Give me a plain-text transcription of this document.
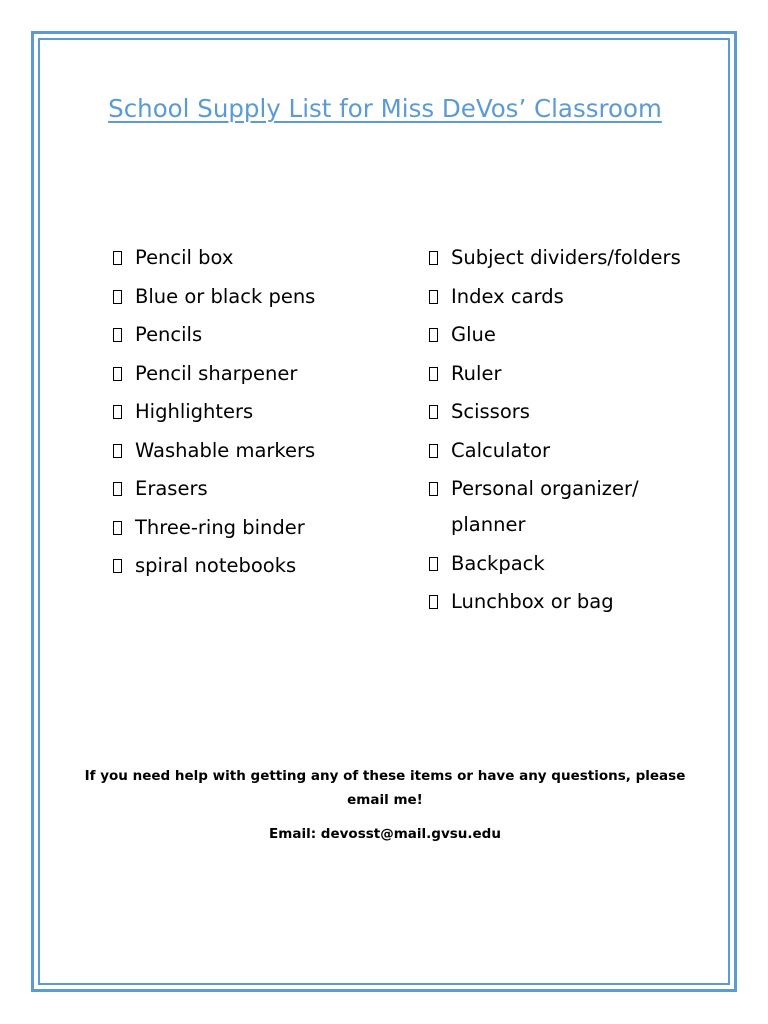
School Supply List for Miss DeVos’ Classroom
Pencil box
Blue or black pens
Pencils
Pencil sharpener
Highlighters
Washable markers
Erasers
Three-ring binder
spiral notebooks
Subject dividers/folders
Index cards
Glue
Ruler
Scissors
Calculator
Personal organizer/ planner
Backpack
Lunchbox or bag

If you need help with getting any of these items or have any questions, please email me!

Email: devosst@mail.gvsu.edu
